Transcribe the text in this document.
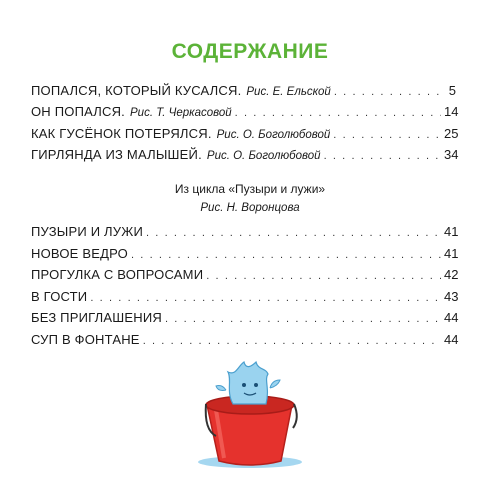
СОДЕРЖАНИЕ
ПОПАЛСЯ, КОТОРЫЙ КУСАЛСЯ. Рис. Е. Ельской . . .	5
ОН ПОПАЛСЯ. Рис. Т. Черкасовой . . .	14
КАК ГУСЁНОК ПОТЕРЯЛСЯ. Рис. О. Боголюбовой . . .	25
ГИРЛЯНДА ИЗ МАЛЫШЕЙ. Рис. О. Боголюбовой . . .	34
Из цикла «Пузыри и лужи»
Рис. Н. Воронцова
ПУЗЫРИ И ЛУЖИ . . .	41
НОВОЕ ВЕДРО . . .	41
ПРОГУЛКА С ВОПРОСАМИ . . .	42
В ГОСТИ . . .	43
БЕЗ ПРИГЛАШЕНИЯ . . .	44
СУП В ФОНТАНЕ . . .	44
